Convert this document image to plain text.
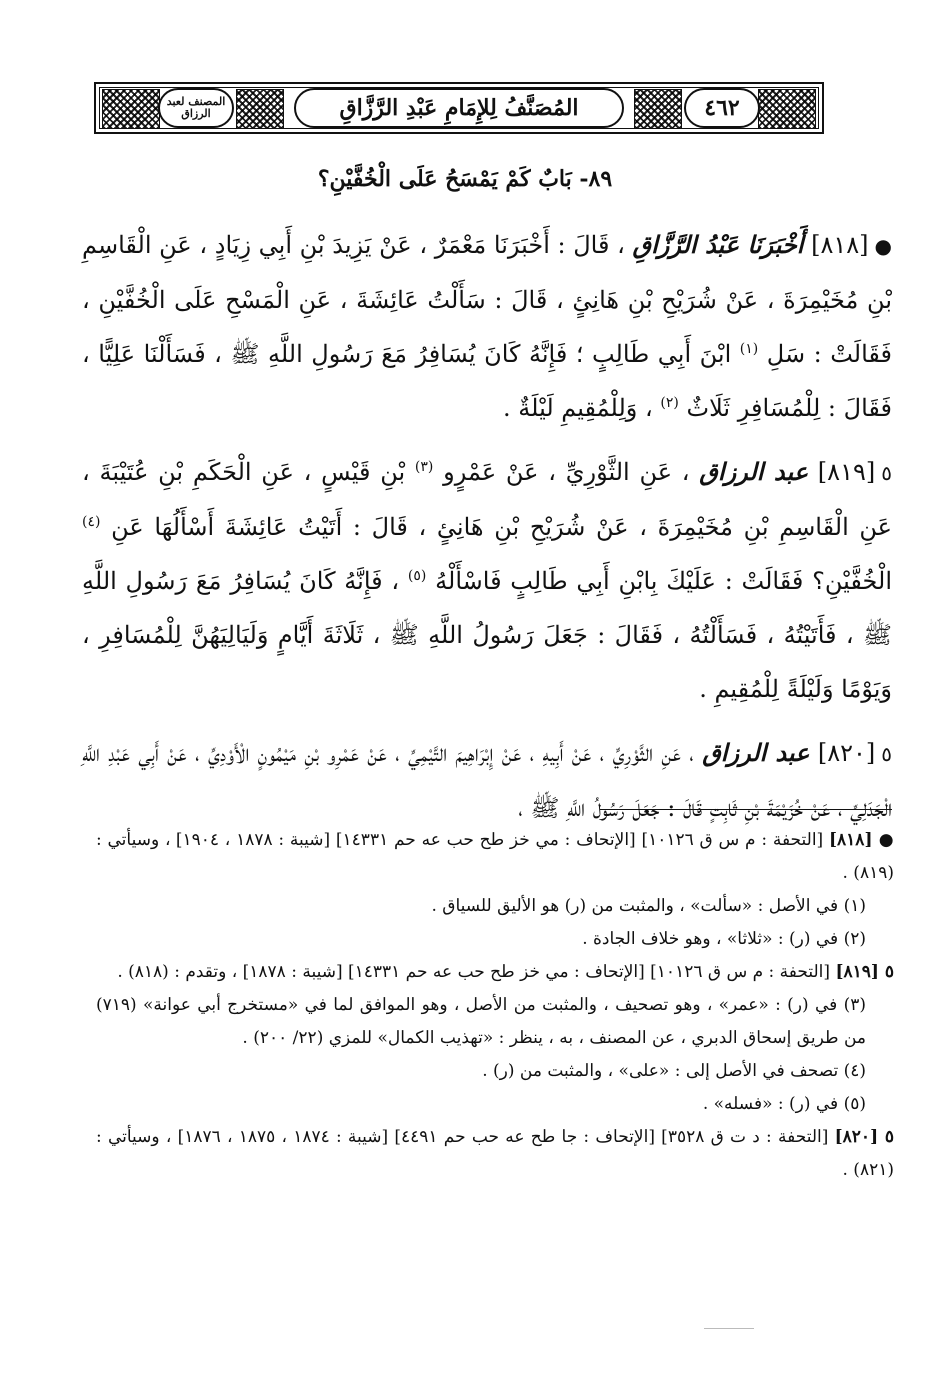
المصنف لعبد الرزاق	المُصَنَّفُ لِلإِمَامِ عَبْدِ الرَّزَّاقِ	٤٦٢
٨٩- بَابٌ كَمْ يَمْسَحُ عَلَى الْخُفَّيْنِ؟

●[٨١٨] أَخْبَرَنَا عَبْدُ الرَّزَّاقِ ، قَالَ : أَخْبَرَنَا مَعْمَرٌ ، عَنْ يَزِيدَ بْنِ أَبِي زِيَادٍ ، عَنِ الْقَاسِمِ بْنِ مُخَيْمِرَةَ ، عَنْ شُرَيْحِ بْنِ هَانِئٍ ، قَالَ : سَأَلْتُ عَائِشَةَ ، عَنِ الْمَسْحِ عَلَى الْخُفَّيْنِ ، فَقَالَتْ : سَلِ $^{(١)}$ ابْنَ أَبِي طَالِبٍ ؛ فَإِنَّهُ كَانَ يُسَافِرُ مَعَ رَسُولِ اللَّهِ ﷺ ، فَسَأَلْنَا عَلِيًّا ، فَقَالَ : لِلْمُسَافِرِ ثَلَاثٌ $^{(٢)}$ ، وَلِلْمُقِيمِ لَيْلَةٌ .

٥[٨١٩] عبد الرزاق ، عَنِ الثَّوْرِيِّ ، عَنْ عَمْرٍو $^{(٣)}$ بْنِ قَيْسٍ ، عَنِ الْحَكَمِ بْنِ عُتَيْبَةَ ، عَنِ الْقَاسِمِ بْنِ مُخَيْمِرَةَ ، عَنْ شُرَيْحِ بْنِ هَانِئٍ ، قَالَ : أَتَيْتُ عَائِشَةَ أَسْأَلُهَا عَنِ $^{(٤)}$ الْخُفَّيْنِ؟ فَقَالَتْ : عَلَيْكَ بِابْنِ أَبِي طَالِبٍ فَاسْأَلْهُ $^{(٥)}$ ، فَإِنَّهُ كَانَ يُسَافِرُ مَعَ رَسُولِ اللَّهِ ﷺ ، فَأَتَيْتُهُ ، فَسَأَلْتُهُ ، فَقَالَ : جَعَلَ رَسُولُ اللَّهِ ﷺ ، ثَلَاثَةَ أَيَّامٍ وَلَيَالِيَهُنَّ لِلْمُسَافِرِ ، وَيَوْمًا وَلَيْلَةً لِلْمُقِيمِ .

٥[٨٢٠] عبد الرزاق ، عَنِ الثَّوْرِيِّ ، عَنْ أَبِيهِ ، عَنْ إِبْرَاهِيمَ التَّيْمِيِّ ، عَنْ عَمْرِو بْنِ مَيْمُونٍ الْأَوْدِيِّ ، عَنْ أَبِي عَبْدِ اللَّهِ الْجَدَلِيِّ ، عَنْ خُزَيْمَةَ بْنِ ثَابِتٍ قَالَ : جَعَلَ رَسُولُ اللَّهِ ﷺ ،

● [٨١٨] [التحفة : م س ق ١٠١٢٦] [الإتحاف : مي خز طح حب عه حم ١٤٣٣١] [شيبة : ١٨٧٨ ، ١٩٠٤] ، وسيأتي : (٨١٩) .

(١) في الأصل : «سألت» ، والمثبت من (ر) هو الأليق للسياق .

(٢) في (ر) : «ثلاثا» ، وهو خلاف الجادة .

٥ [٨١٩] [التحفة : م س ق ١٠١٢٦] [الإتحاف : مي خز طح حب عه حم ١٤٣٣١] [شيبة : ١٨٧٨] ، وتقدم : (٨١٨) .

(٣) في (ر) : «عمر» ، وهو تصحيف ، والمثبت من الأصل ، وهو الموافق لما في «مستخرج أبي عوانة» (٧١٩) من طريق إسحاق الدبري ، عن المصنف ، به ، ينظر : «تهذيب الكمال» للمزي (٢٢/ ٢٠٠) .

(٤) تصحف في الأصل إلى : «على» ، والمثبت من (ر) .

(٥) في (ر) : «فسله» .

٥ [٨٢٠] [التحفة : د ت ق ٣٥٢٨] [الإتحاف : جا طح عه حب حم ٤٤٩١] [شيبة : ١٨٧٤ ، ١٨٧٥ ، ١٨٧٦] ، وسيأتي : (٨٢١) .
